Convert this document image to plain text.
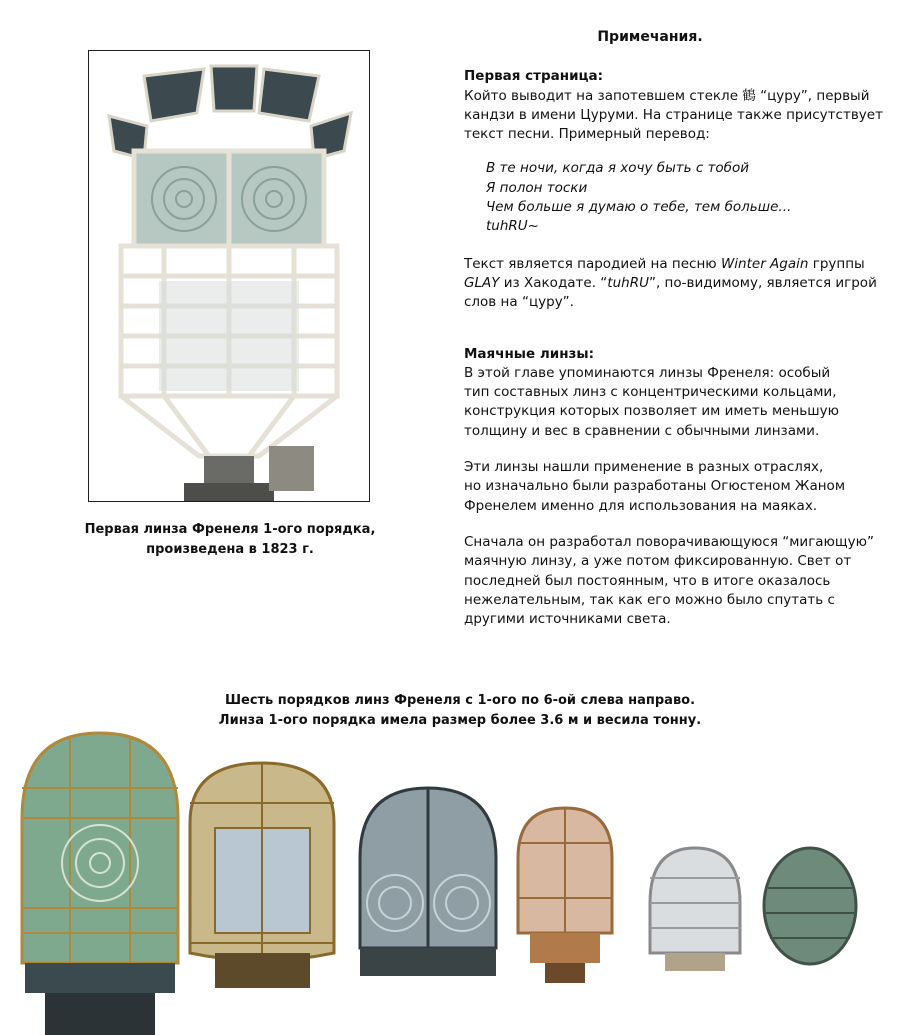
Первая линза Френеля 1-ого порядка,
произведена в 1823 г.
Примечания.
Первая страница:

Който выводит на запотевшем стекле 鶴 “цуру”, первый

кандзи в имени Цуруми. На странице также присутствует

текст песни. Примерный перевод:

В те ночи, когда я хочу быть с тобой
Я полон тоски
Чем больше я думаю о тебе, тем больше...
tuhRU~

Текст является пародией на песню Winter Again группы

GLAY из Хакодате. “tuhRU”, по-видимому, является игрой

слов на “цуру”.

Маячные линзы:

В этой главе упоминаются линзы Френеля: особый

тип составных линз с концентрическими кольцами,

конструкция которых позволяет им иметь меньшую

толщину и вес в сравнении с обычными линзами.

Эти линзы нашли применение в разных отраслях,

но изначально были разработаны Огюстеном Жаном

Френелем именно для использования на маяках.

Сначала он разработал поворачивающуюся “мигающую”

маячную линзу, а уже потом фиксированную. Свет от

последней был постоянным, что в итоге оказалось

нежелательным, так как его можно было спутать с

другими источниками света.

Шесть порядков линз Френеля с 1-ого по 6-ой слева направо.
Линза 1-ого порядка имела размер более 3.6 м и весила тонну.
